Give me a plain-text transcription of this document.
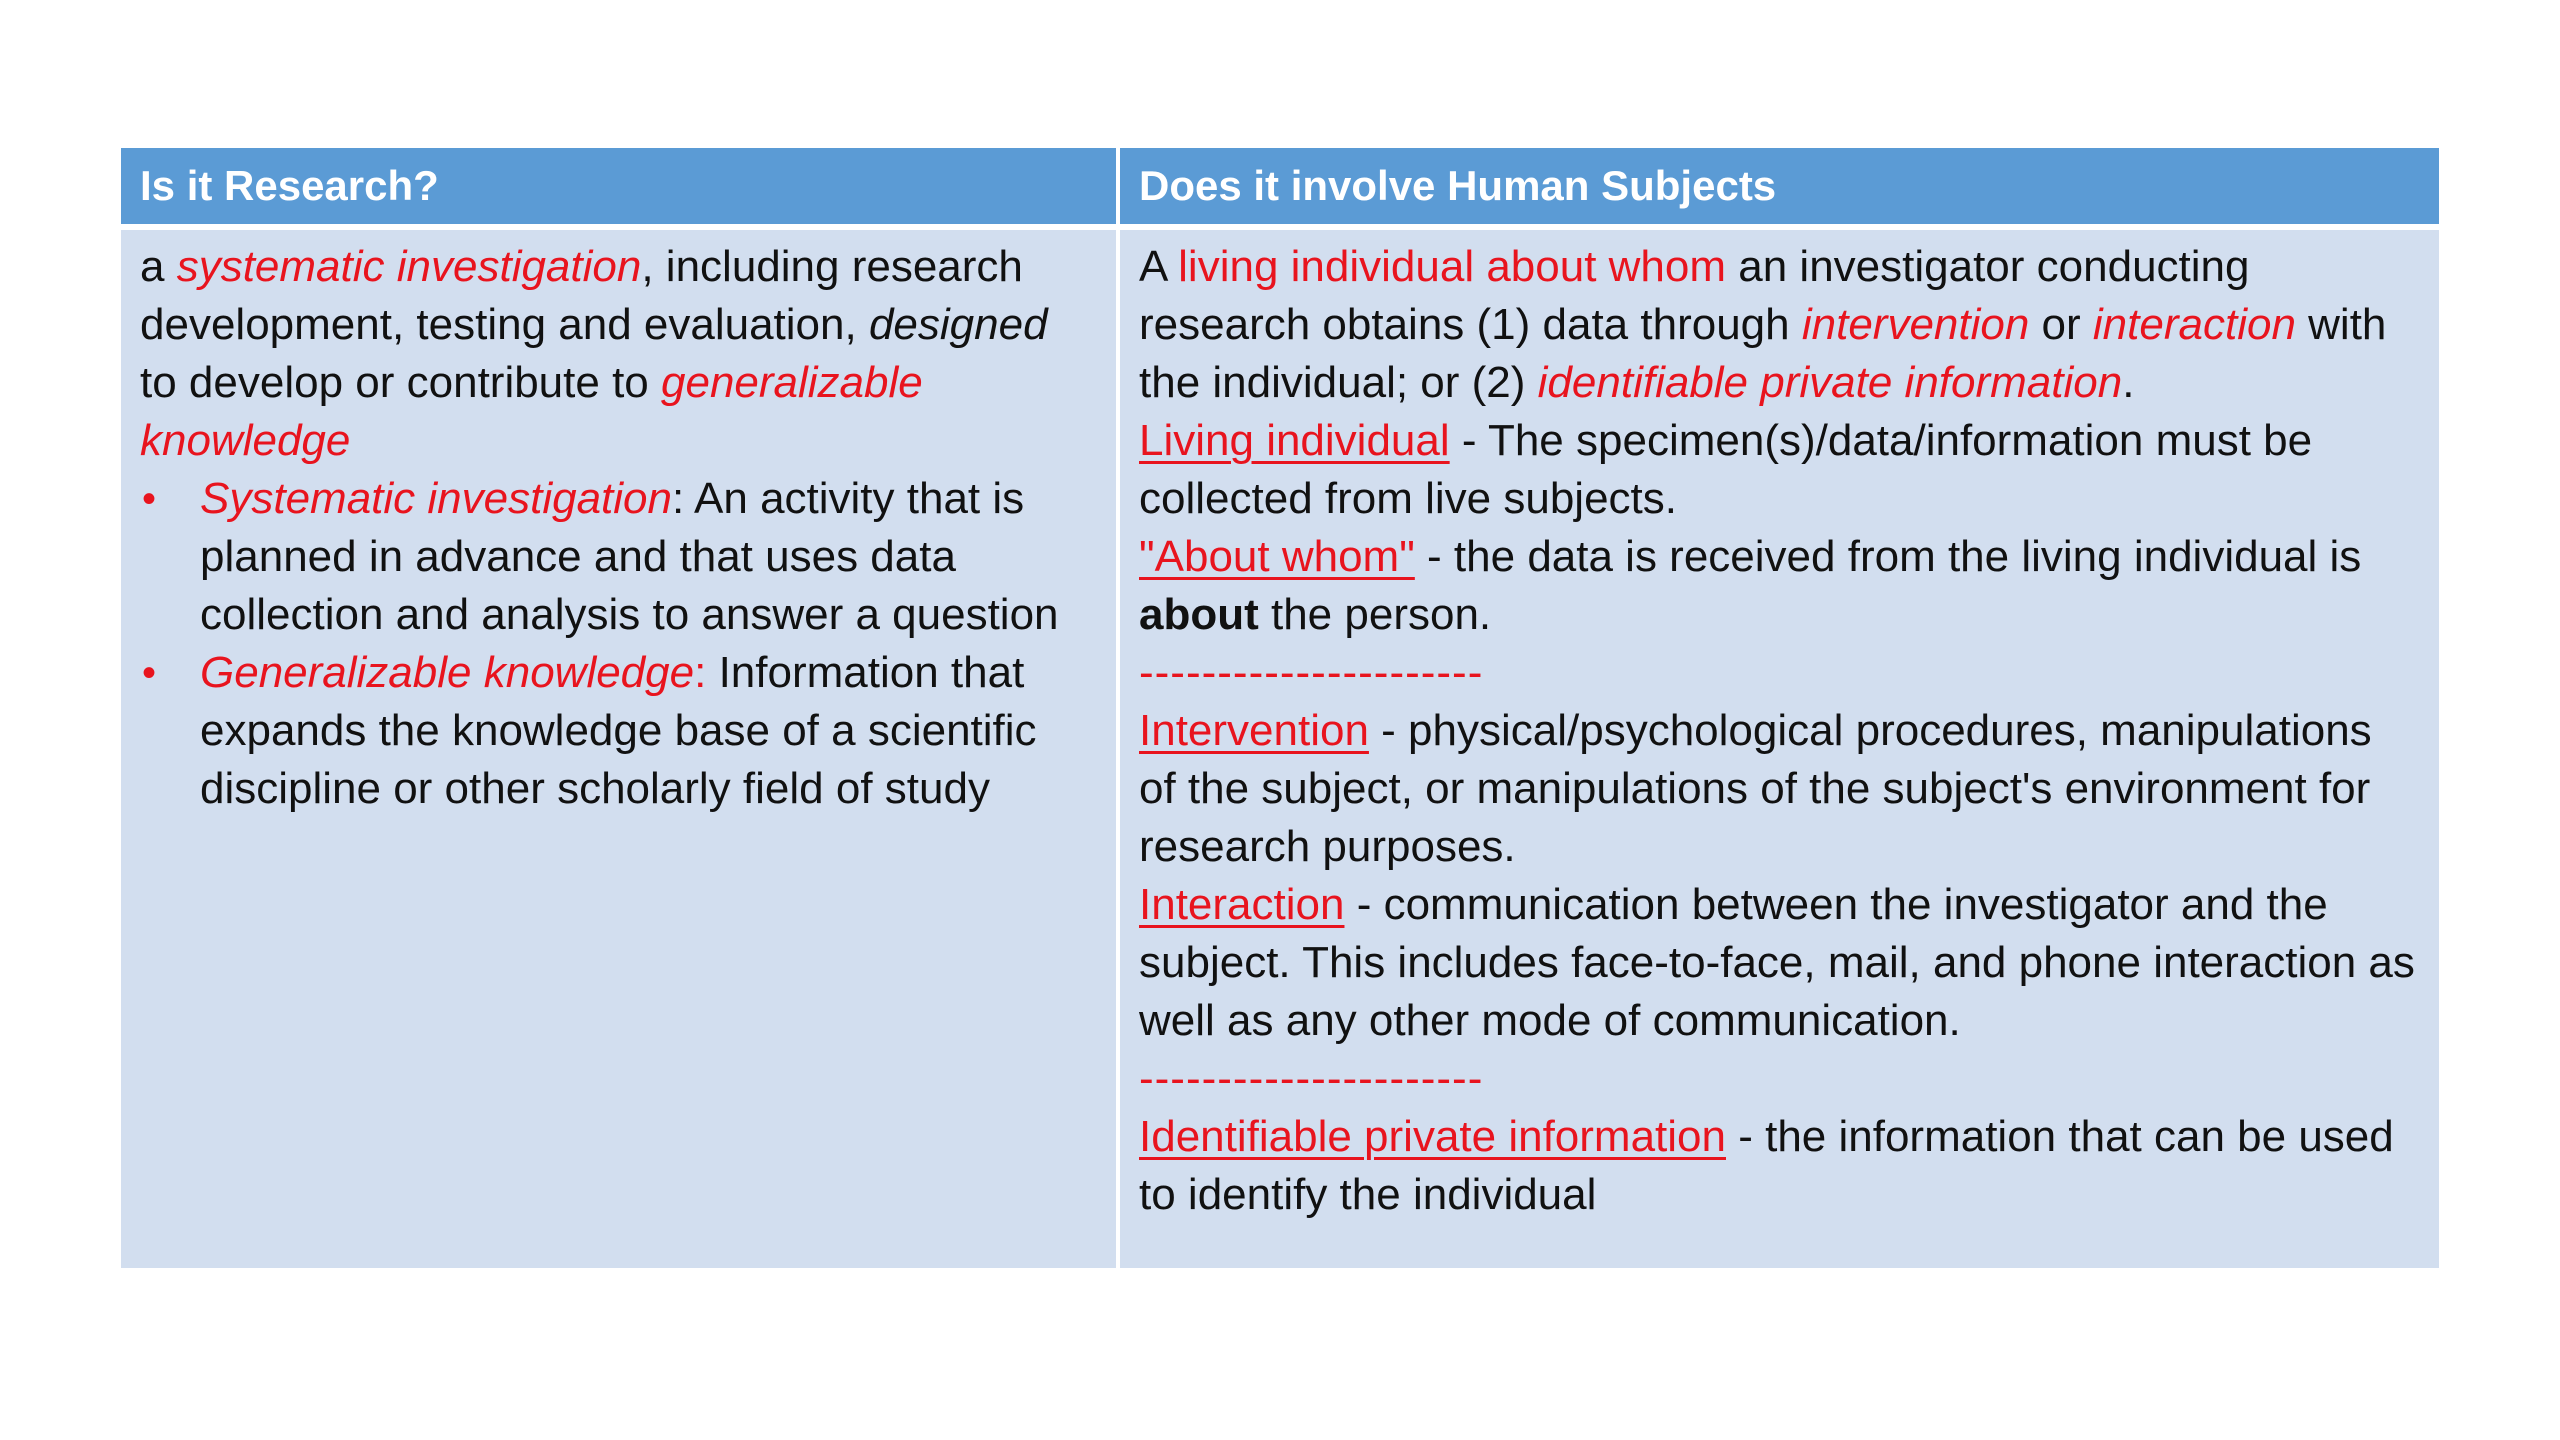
Is it Research?	Does it involve Human Subjects
a systematic investigation, including research development, testing and evaluation, designed to develop or contribute to generalizable knowledge
• Systematic investigation: An activity that is planned in advance and that uses data collection and analysis to answer a question
• Generalizable knowledge: Information that expands the knowledge base of a scientific discipline or other scholarly field of study
A living individual about whom an investigator conducting research obtains (1) data through intervention or interaction with the individual; or (2) identifiable private information.
Living individual - The specimen(s)/data/information must be collected from live subjects.
"About whom" - the data is received from the living individual is about the person.
----------------------
Intervention - physical/psychological procedures, manipulations of the subject, or manipulations of the subject's environment for research purposes.
Interaction - communication between the investigator and the subject. This includes face-to-face, mail, and phone interaction as well as any other mode of communication.
----------------------
Identifiable private information - the information that can be used to identify the individual
